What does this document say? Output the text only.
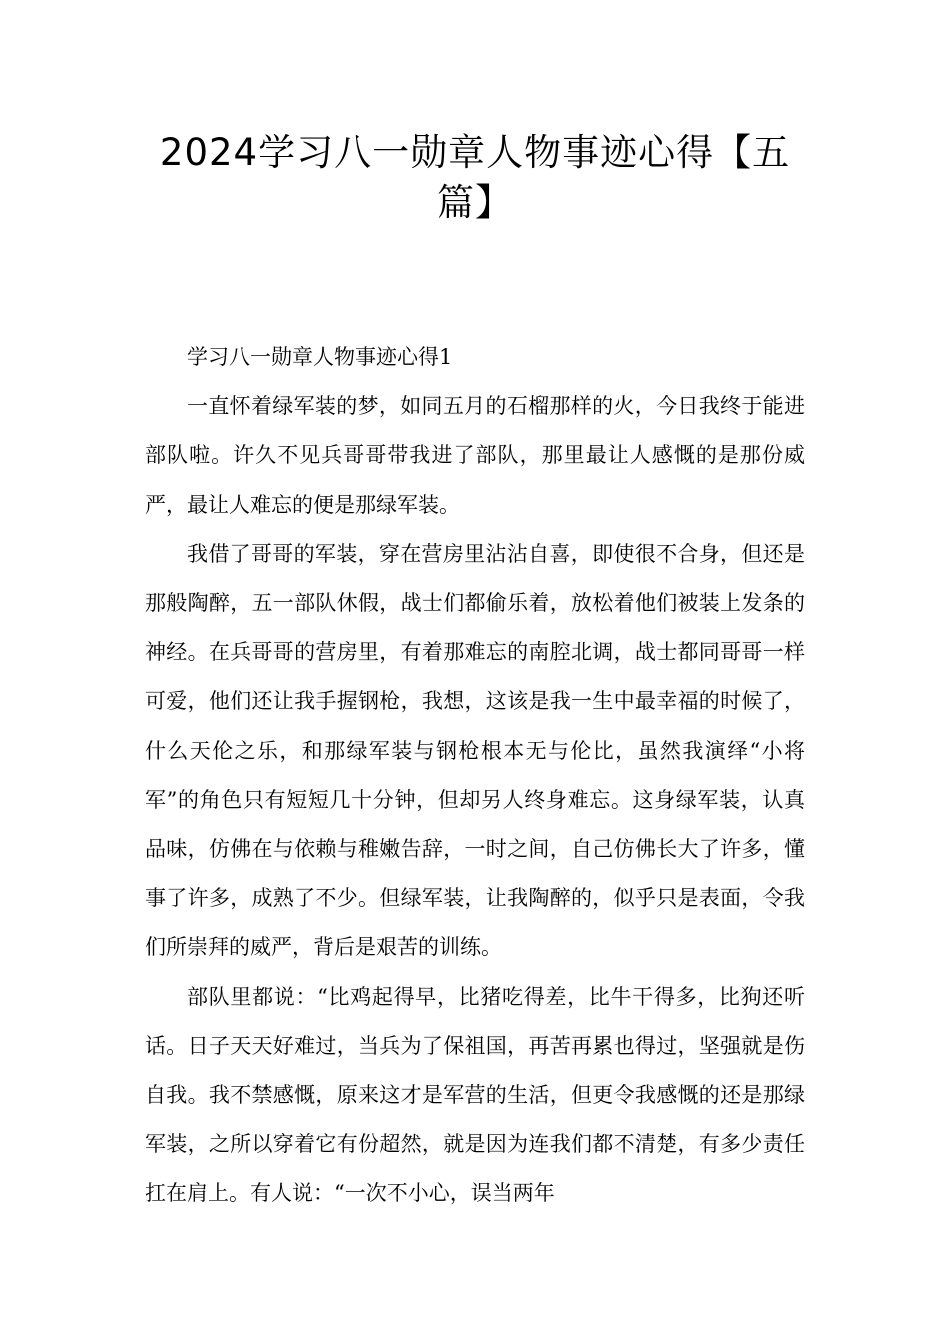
2024学习八一勋章人物事迹心得【五篇】

学习八一勋章人物事迹心得1

一直怀着绿军装的梦，如同五月的石榴那样的火，今日我终于能进部队啦。许久不见兵哥哥带我进了部队，那里最让人感慨的是那份威严，最让人难忘的便是那绿军装。

我借了哥哥的军装，穿在营房里沾沾自喜，即使很不合身，但还是那般陶醉，五一部队休假，战士们都偷乐着，放松着他们被装上发条的神经。在兵哥哥的营房里，有着那难忘的南腔北调，战士都同哥哥一样可爱，他们还让我手握钢枪，我想，这该是我一生中最幸福的时候了，什么天伦之乐，和那绿军装与钢枪根本无与伦比，虽然我演绎“小将军”的角色只有短短几十分钟，但却另人终身难忘。这身绿军装，认真品味，仿佛在与依赖与稚嫩告辞，一时之间，自己仿佛长大了许多，懂事了许多，成熟了不少。但绿军装，让我陶醉的，似乎只是表面，令我们所崇拜的威严，背后是艰苦的训练。

部队里都说：“比鸡起得早，比猪吃得差，比牛干得多，比狗还听话。日子天天好难过，当兵为了保祖国，再苦再累也得过，坚强就是伤自我。我不禁感慨，原来这才是军营的生活，但更令我感慨的还是那绿军装，之所以穿着它有份超然，就是因为连我们都不清楚，有多少责任扛在肩上。有人说：“一次不小心，误当两年
